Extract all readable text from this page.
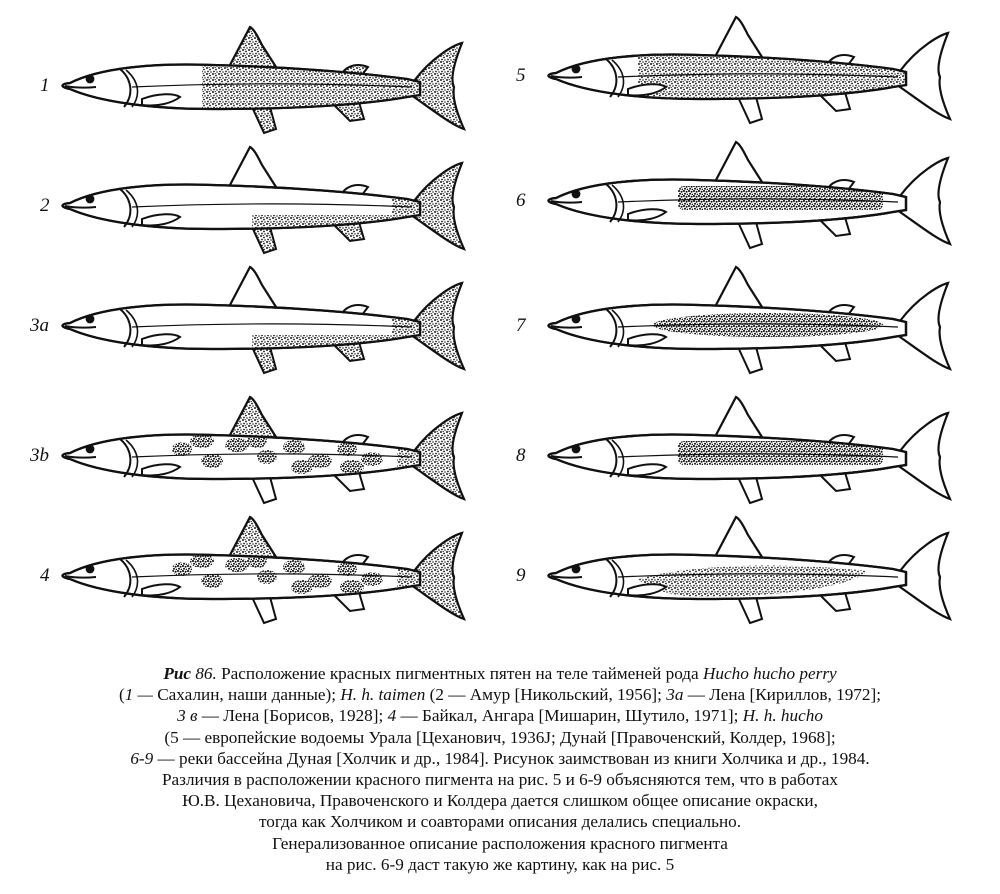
1
2
3a
3b
4
5
6
7
8
9
Рис 86. Расположение красных пигментных пятен на теле тайменей рода Hucho hucho perry
(1 — Сахалин, наши данные); H. h. taimen (2 — Амур [Никольский, 1956]; 3а — Лена [Кириллов, 1972];
3 в — Лена [Борисов, 1928]; 4 — Байкал, Ангара [Мишарин, Шутило, 1971]; H. h. hucho
(5 — европейские водоемы Урала [Цеханович, 1936J; Дунай [Правоченский, Колдер, 1968];
6-9 — реки бассейна Дуная [Холчик и др., 1984]. Рисунок заимствован из книги Холчика и др., 1984.
Различия в расположении красного пигмента на рис. 5 и 6-9 объясняются тем, что в работах
Ю.В. Цехановича, Правоченского и Колдера дается слишком общее описание окраски,
тогда как Холчиком и соавторами описания делались специально.
Генерализованное описание расположения красного пигмента
на рис. 6-9 даст такую же картину, как на рис. 5
